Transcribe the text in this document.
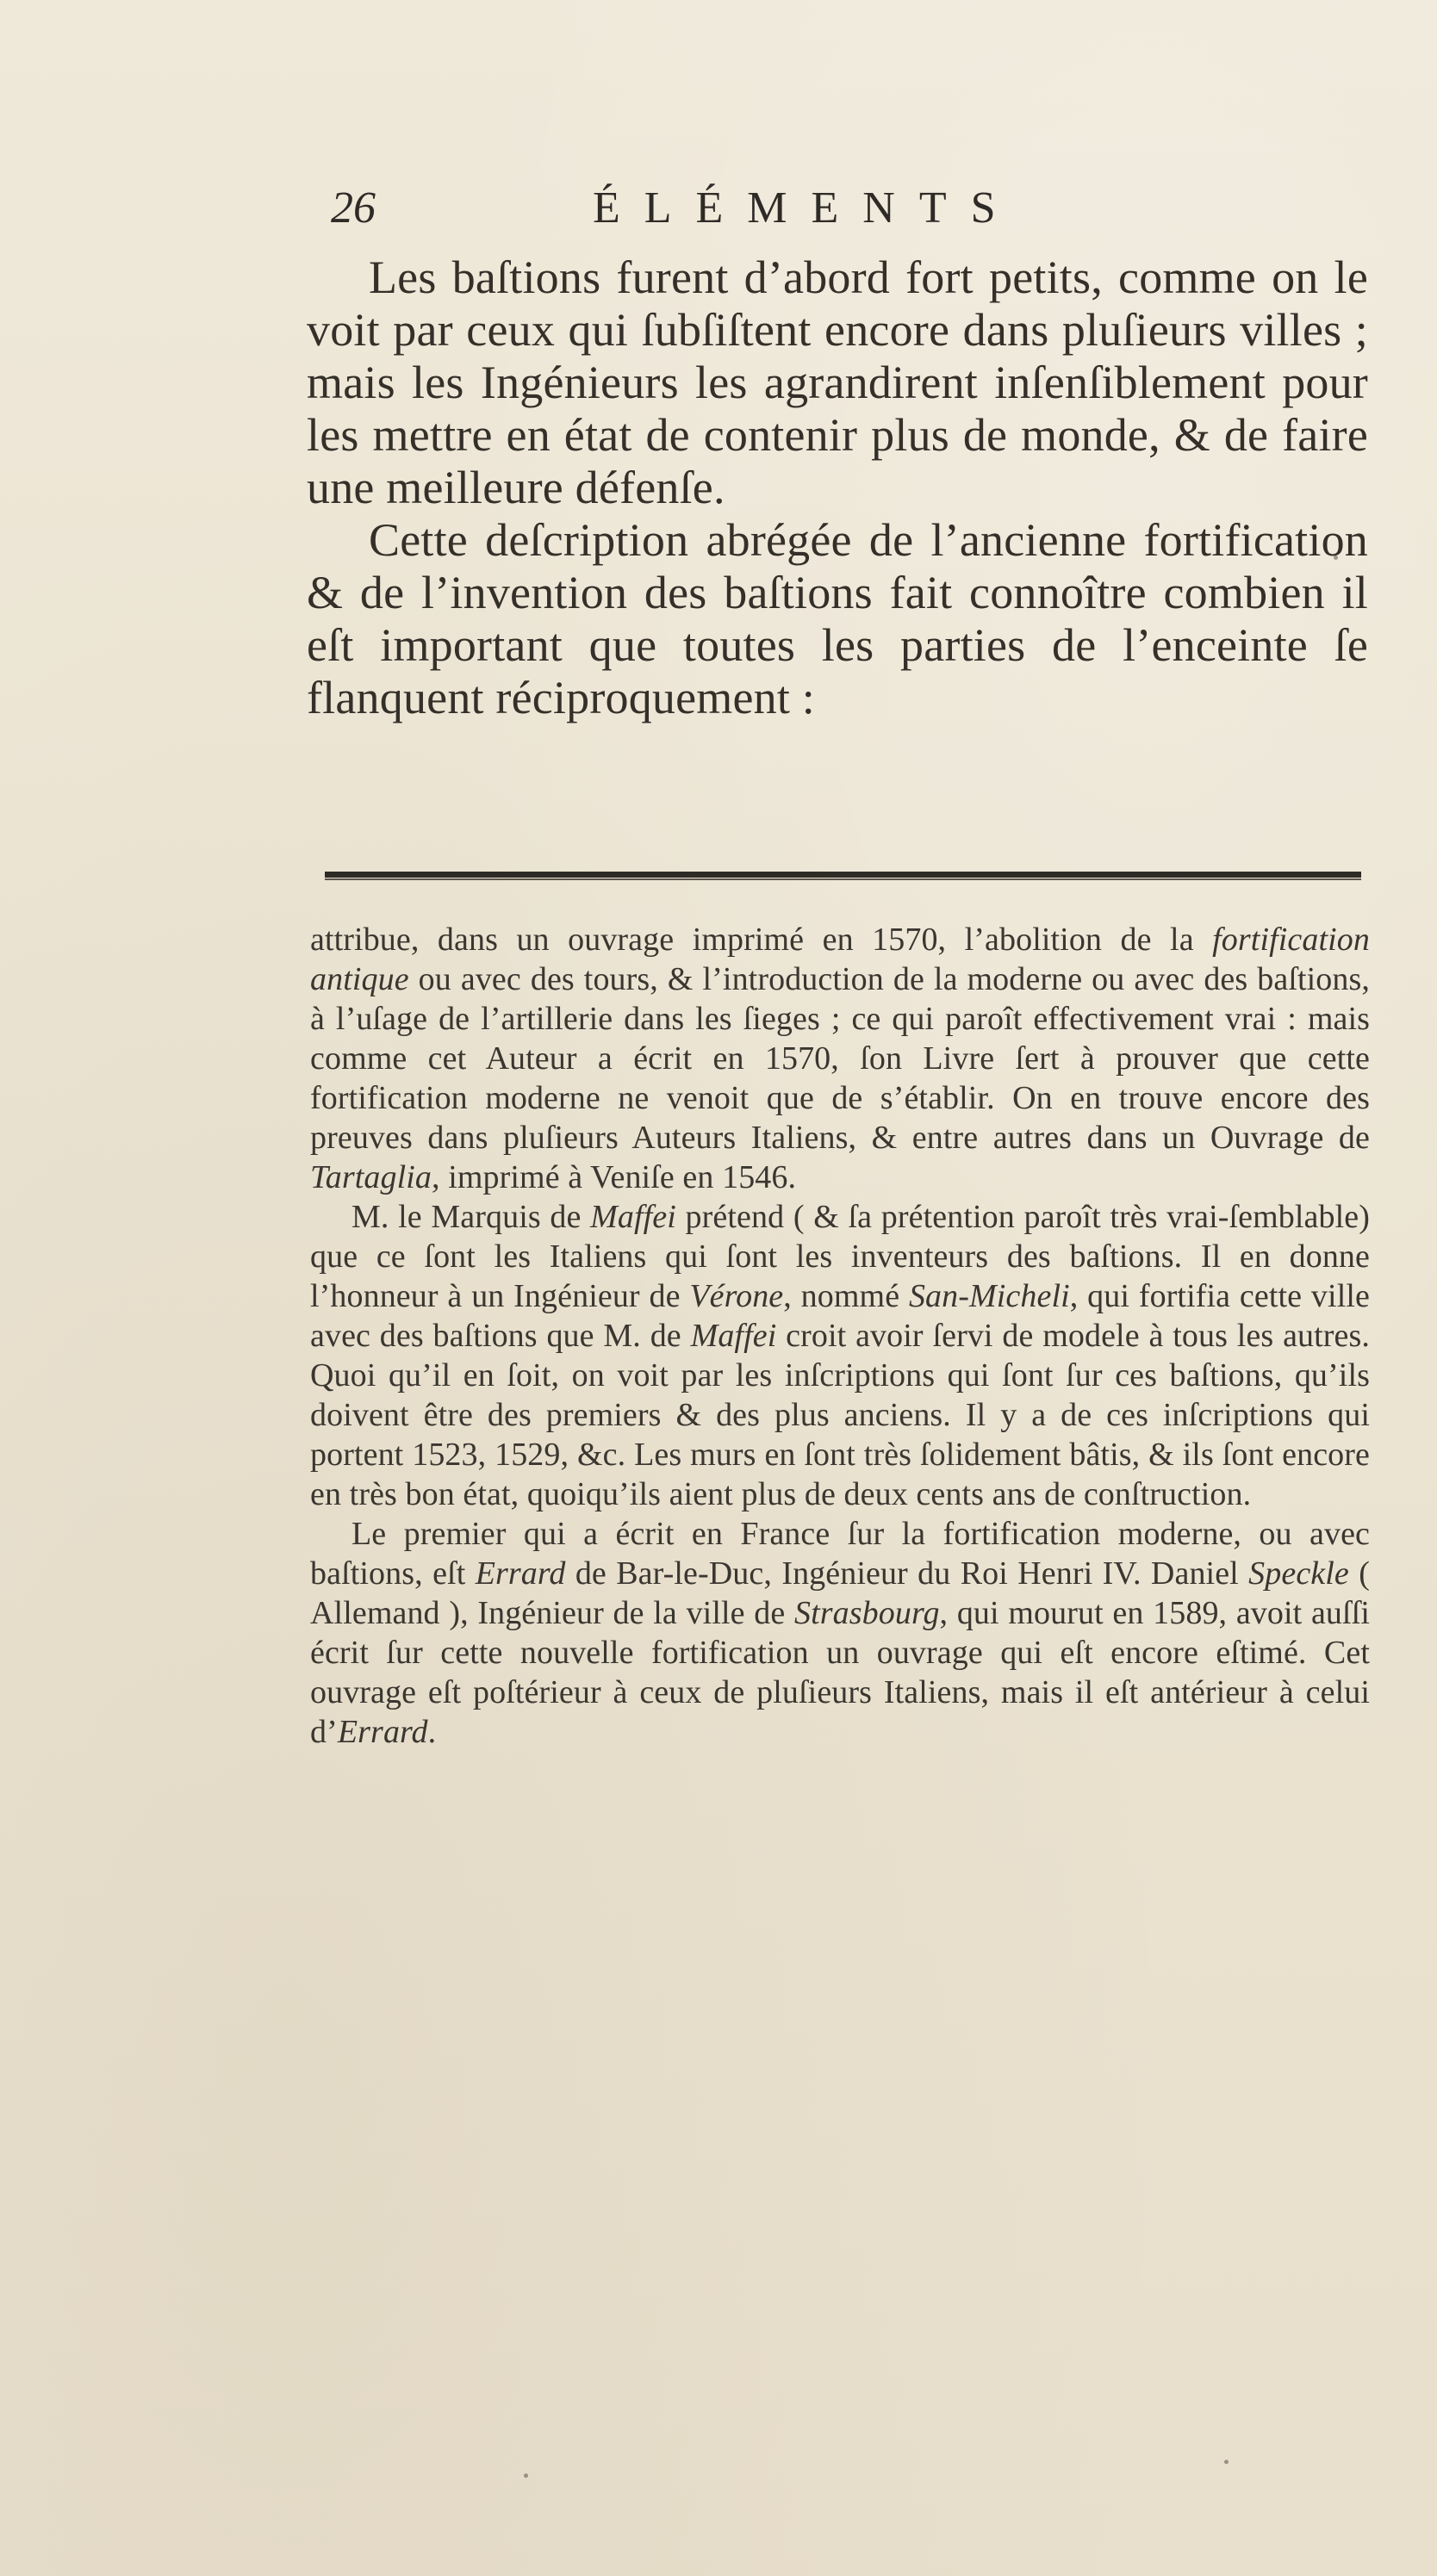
26	ÉLÉMENTS

Les baſtions furent d’abord fort petits, comme on le voit par ceux qui ſubſiſtent encore dans pluſieurs villes ; mais les Ingénieurs les agrandirent inſenſiblement pour les mettre en état de contenir plus de monde, & de faire une meilleure défenſe.

Cette deſcription abrégée de l’ancienne fortification & de l’invention des baſtions fait connoître combien il eſt important que toutes les parties de l’enceinte ſe flanquent réciproquement :

attribue, dans un ouvrage imprimé en 1570, l’abolition de la fortification antique ou avec des tours, & l’introduction de la moderne ou avec des baſtions, à l’uſage de l’artillerie dans les ſieges ; ce qui paroît effectivement vrai : mais comme cet Auteur a écrit en 1570, ſon Livre ſert à prouver que cette fortification moderne ne venoit que de s’établir. On en trouve encore des preuves dans pluſieurs Auteurs Italiens, & entre autres dans un Ouvrage de Tartaglia, imprimé à Veniſe en 1546.

M. le Marquis de Maffei prétend ( & ſa prétention paroît très vrai-ſemblable) que ce ſont les Italiens qui ſont les inventeurs des baſtions. Il en donne l’honneur à un Ingénieur de Vérone, nommé San-Micheli, qui fortifia cette ville avec des baſtions que M. de Maffei croit avoir ſervi de modele à tous les autres. Quoi qu’il en ſoit, on voit par les inſcriptions qui ſont ſur ces baſtions, qu’ils doivent être des premiers & des plus anciens. Il y a de ces inſcriptions qui portent 1523, 1529, &c. Les murs en ſont très ſolidement bâtis, & ils ſont encore en très bon état, quoiqu’ils aient plus de deux cents ans de conſtruction.

Le premier qui a écrit en France ſur la fortification moderne, ou avec baſtions, eſt Errard de Bar-le-Duc, Ingénieur du Roi Henri IV. Daniel Speckle ( Allemand ), Ingénieur de la ville de Strasbourg, qui mourut en 1589, avoit auſſi écrit ſur cette nouvelle fortification un ouvrage qui eſt encore eſtimé. Cet ouvrage eſt poſtérieur à ceux de pluſieurs Italiens, mais il eſt antérieur à celui d’Errard.
